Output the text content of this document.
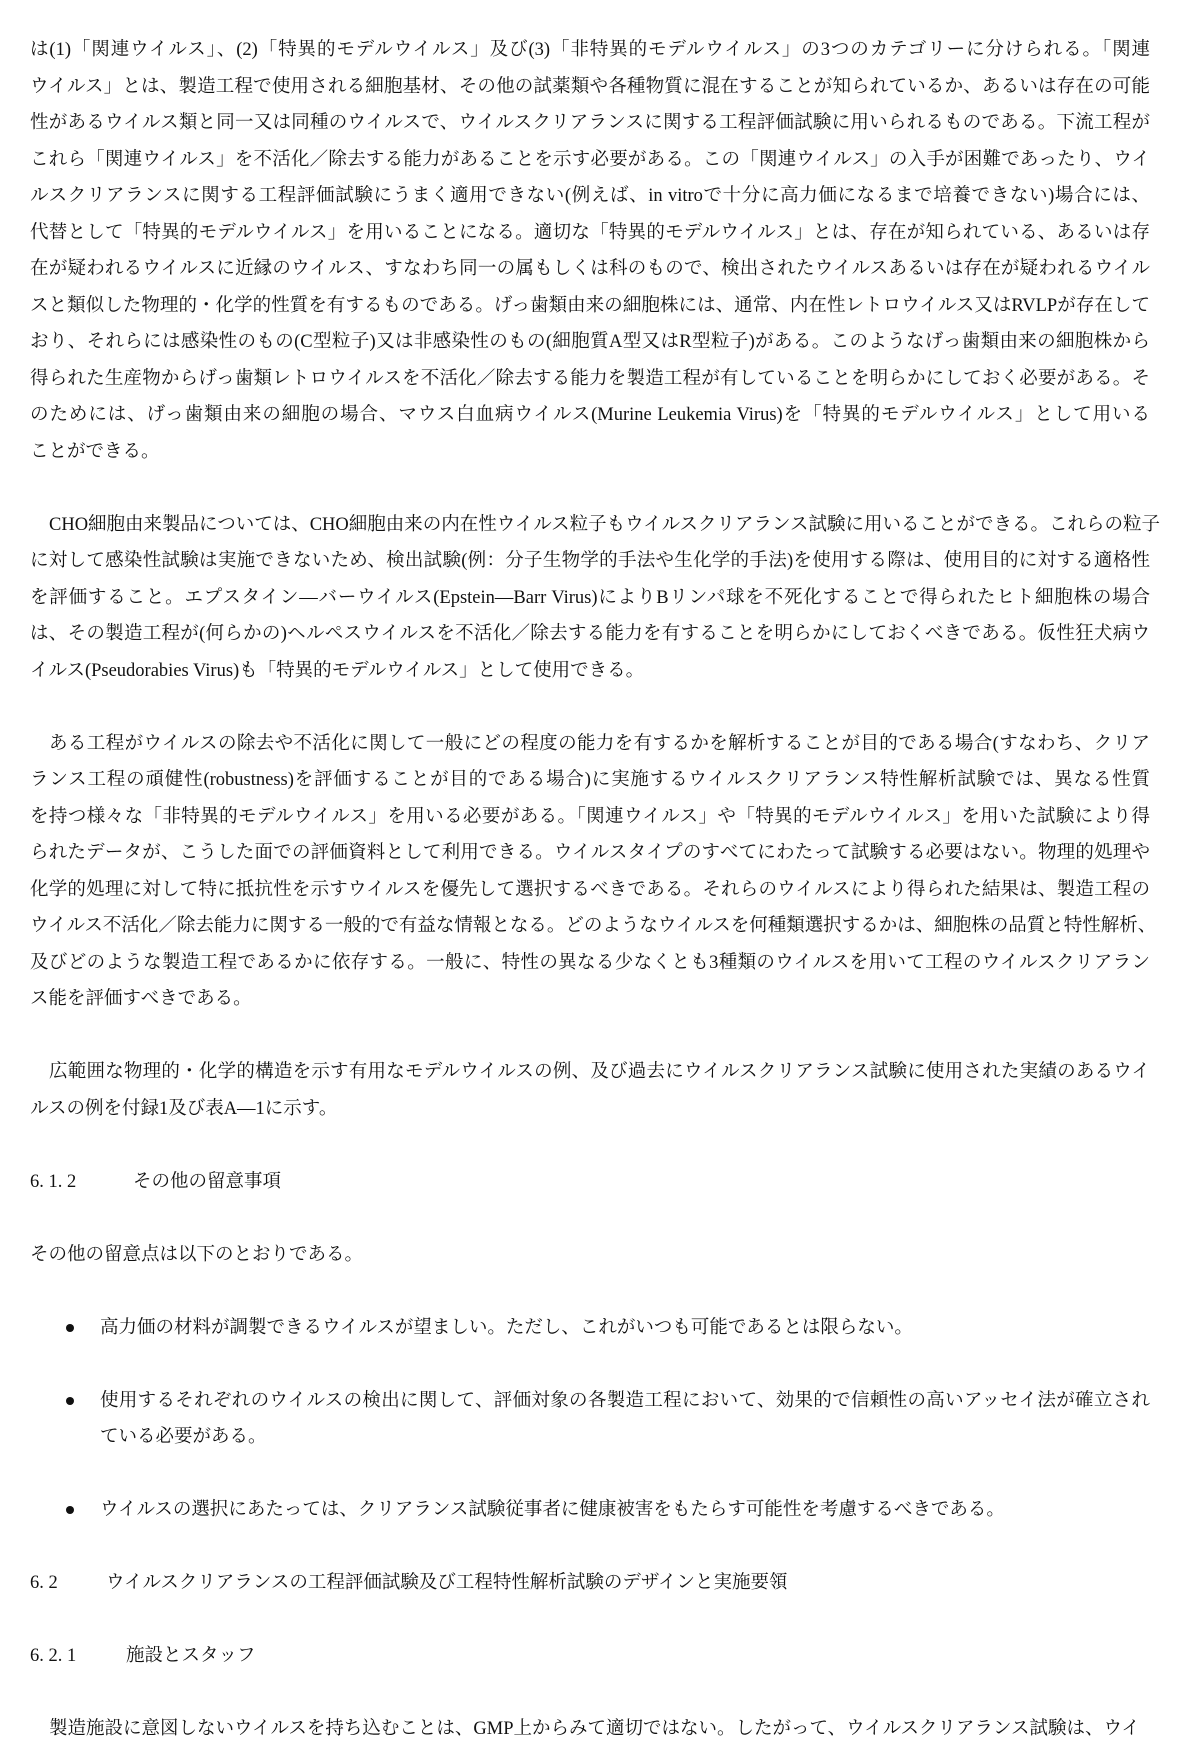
は(1)「関連ウイルス」、(2)「特異的モデルウイルス」及び(3)「非特異的モデルウイルス」の3つのカテゴリーに分けられる。「関連
ウイルス」とは、製造工程で使用される細胞基材、その他の試薬類や各種物質に混在することが知られているか、あるいは存在の可能
性があるウイルス類と同一又は同種のウイルスで、ウイルスクリアランスに関する工程評価試験に用いられるものである。下流工程が
これら「関連ウイルス」を不活化／除去する能力があることを示す必要がある。この「関連ウイルス」の入手が困難であったり、ウイ
ルスクリアランスに関する工程評価試験にうまく適用できない(例えば、in vitroで十分に高力価になるまで培養できない)場合には、
代替として「特異的モデルウイルス」を用いることになる。適切な「特異的モデルウイルス」とは、存在が知られている、あるいは存
在が疑われるウイルスに近縁のウイルス、すなわち同一の属もしくは科のもので、検出されたウイルスあるいは存在が疑われるウイル
スと類似した物理的・化学的性質を有するものである。げっ歯類由来の細胞株には、通常、内在性レトロウイルス又はRVLPが存在して
おり、それらには感染性のもの(C型粒子)又は非感染性のもの(細胞質A型又はR型粒子)がある。このようなげっ歯類由来の細胞株から
得られた生産物からげっ歯類レトロウイルスを不活化／除去する能力を製造工程が有していることを明らかにしておく必要がある。そ
のためには、げっ歯類由来の細胞の場合、マウス白血病ウイルス(Murine Leukemia Virus)を「特異的モデルウイルス」として用いる
ことができる。
CHO細胞由来製品については、CHO細胞由来の内在性ウイルス粒子もウイルスクリアランス試験に用いることができる。これらの粒子
に対して感染性試験は実施できないため、検出試験(例：分子生物学的手法や生化学的手法)を使用する際は、使用目的に対する適格性
を評価すること。エプスタイン―バーウイルス(Epstein―Barr Virus)によりBリンパ球を不死化することで得られたヒト細胞株の場合
は、その製造工程が(何らかの)ヘルペスウイルスを不活化／除去する能力を有することを明らかにしておくべきである。仮性狂犬病ウ
イルス(Pseudorabies Virus)も「特異的モデルウイルス」として使用できる。
ある工程がウイルスの除去や不活化に関して一般にどの程度の能力を有するかを解析することが目的である場合(すなわち、クリア
ランス工程の頑健性(robustness)を評価することが目的である場合)に実施するウイルスクリアランス特性解析試験では、異なる性質
を持つ様々な「非特異的モデルウイルス」を用いる必要がある。「関連ウイルス」や「特異的モデルウイルス」を用いた試験により得
られたデータが、こうした面での評価資料として利用できる。ウイルスタイプのすべてにわたって試験する必要はない。物理的処理や
化学的処理に対して特に抵抗性を示すウイルスを優先して選択するべきである。それらのウイルスにより得られた結果は、製造工程の
ウイルス不活化／除去能力に関する一般的で有益な情報となる。どのようなウイルスを何種類選択するかは、細胞株の品質と特性解析、
及びどのような製造工程であるかに依存する。一般に、特性の異なる少なくとも3種類のウイルスを用いて工程のウイルスクリアラン
ス能を評価すべきである。
広範囲な物理的・化学的構造を示す有用なモデルウイルスの例、及び過去にウイルスクリアランス試験に使用された実績のあるウイ
ルスの例を付録1及び表A―1に示す。
6. 1. 2	その他の留意事項
その他の留意点は以下のとおりである。
高力価の材料が調製できるウイルスが望ましい。ただし、これがいつも可能であるとは限らない。
使用するそれぞれのウイルスの検出に関して、評価対象の各製造工程において、効果的で信頼性の高いアッセイ法が確立され
ている必要がある。
ウイルスの選択にあたっては、クリアランス試験従事者に健康被害をもたらす可能性を考慮するべきである。
6. 2	ウイルスクリアランスの工程評価試験及び工程特性解析試験のデザインと実施要領
6. 2. 1	施設とスタッフ
製造施設に意図しないウイルスを持ち込むことは、GMP上からみて適切ではない。したがって、ウイルスクリアランス試験は、ウイ
